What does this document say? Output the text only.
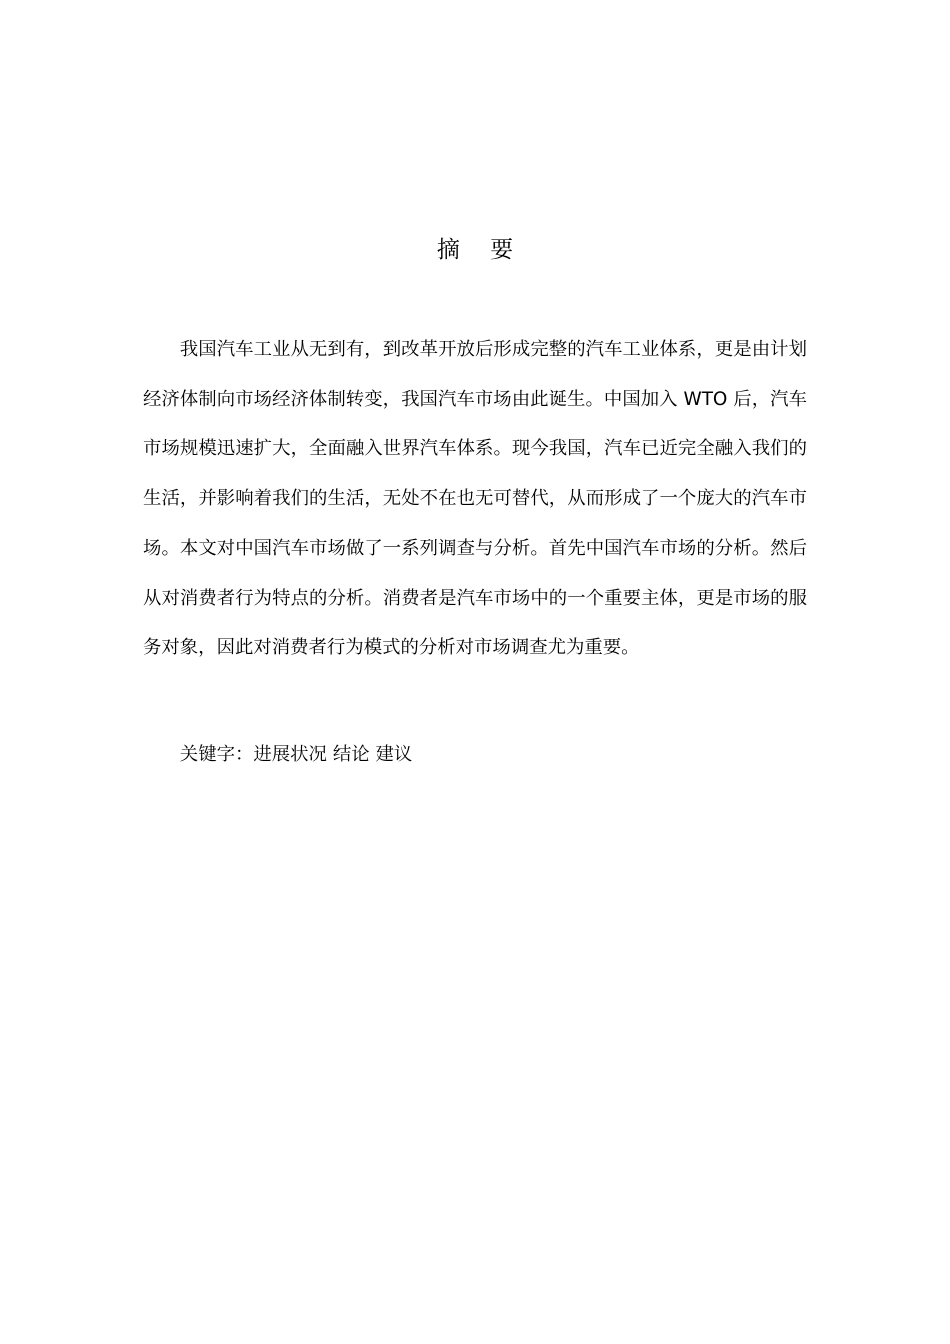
摘 要

我国汽车工业从无到有，到改革开放后形成完整的汽车工业体系，更是由计划经济体制向市场经济体制转变，我国汽车市场由此诞生。中国加入 WTO 后，汽车市场规模迅速扩大，全面融入世界汽车体系。现今我国，汽车已近完全融入我们的生活，并影响着我们的生活，无处不在也无可替代，从而形成了一个庞大的汽车市场。本文对中国汽车市场做了一系列调查与分析。首先中国汽车市场的分析。然后从对消费者行为特点的分析。消费者是汽车市场中的一个重要主体，更是市场的服务对象，因此对消费者行为模式的分析对市场调查尤为重要。

关键字：进展状况 结论 建议
